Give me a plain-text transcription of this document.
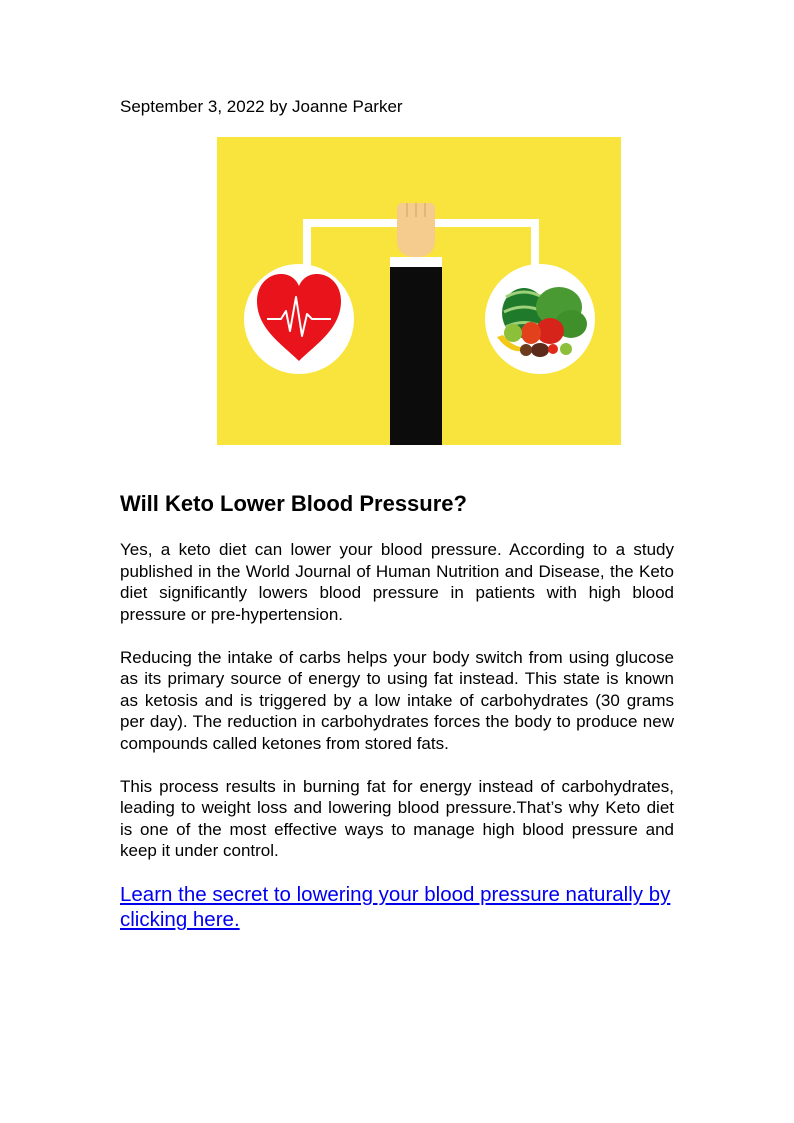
September 3, 2022 by Joanne Parker
Will Keto Lower Blood Pressure?

Yes, a keto diet can lower your blood pressure. According to a study published in the World Journal of Human Nutrition and Disease, the Keto diet significantly lowers blood pressure in patients with high blood pressure or pre-hypertension.

Reducing the intake of carbs helps your body switch from using glucose as its primary source of energy to using fat instead. This state is known as ketosis and is triggered by a low intake of carbohydrates (30 grams per day). The reduction in carbohydrates forces the body to produce new compounds called ketones from stored fats.

This process results in burning fat for energy instead of carbohydrates, leading to weight loss and lowering blood pressure.That’s why Keto diet is one of the most effective ways to manage high blood pressure and keep it under control.

Learn the secret to lowering your blood pressure naturally by clicking here.
